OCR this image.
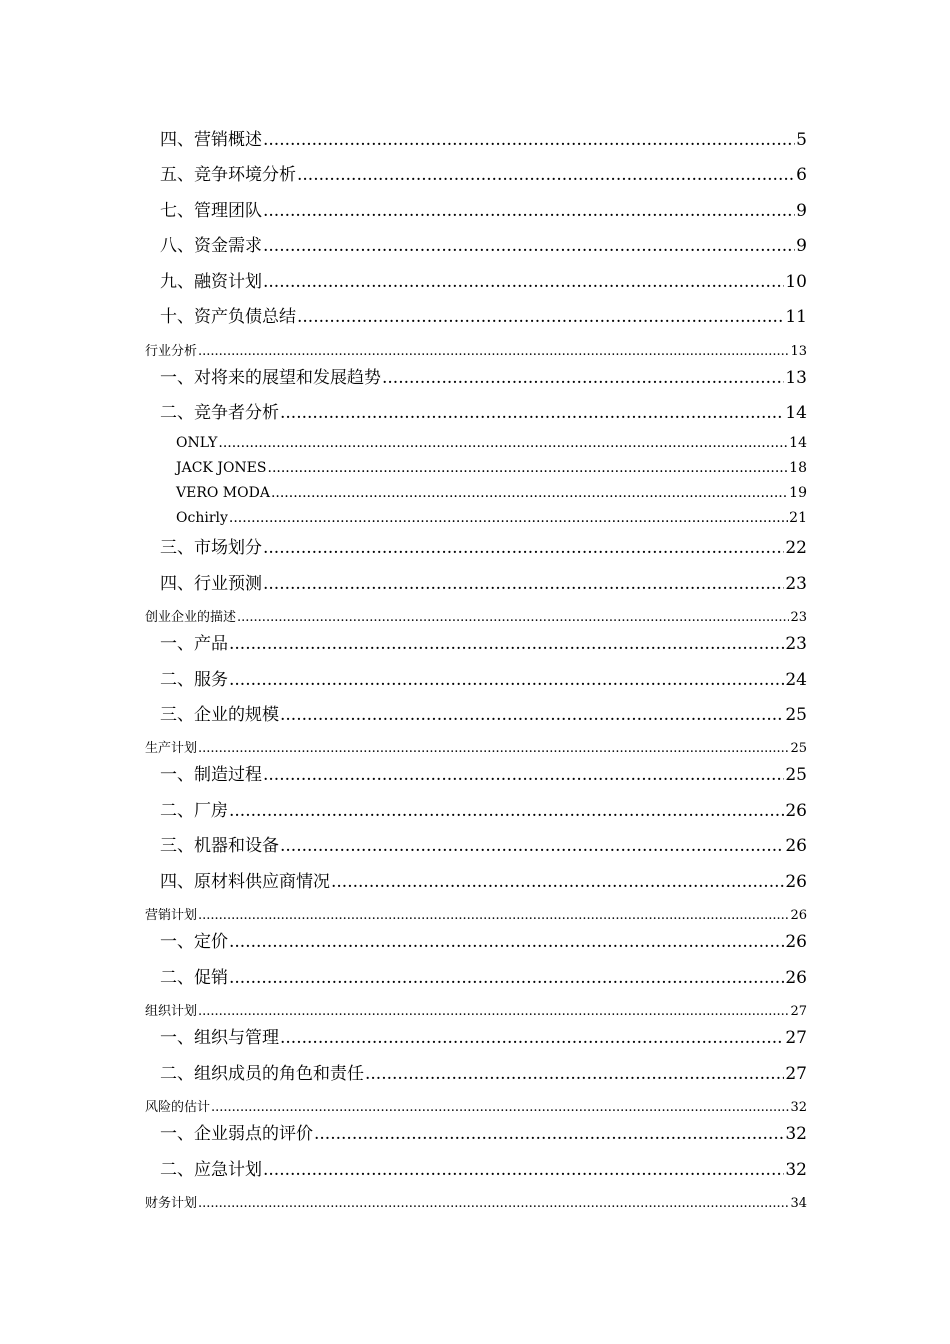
四、营销概述 .....	5
五、竞争环境分析 .....	6
七、管理团队 .....	9
八、资金需求 .....	9
九、融资计划 .....	10
十、资产负债总结 .....	11
行业分析 .....	13
一、对将来的展望和发展趋势 .....	13
二、竞争者分析 .....	14
ONLY .....	14
JACK JONES .....	18
VERO MODA .....	19
Ochirly .....	21
三、市场划分 .....	22
四、行业预测 .....	23
创业企业的描述 .....	23
一、产品 .....	23
二、服务 .....	24
三、企业的规模 .....	25
生产计划 .....	25
一、制造过程 .....	25
二、厂房 .....	26
三、机器和设备 .....	26
四、原材料供应商情况 .....	26
营销计划 .....	26
一、定价 .....	26
二、促销 .....	26
组织计划 .....	27
一、组织与管理 .....	27
二、组织成员的角色和责任 .....	27
风险的估计 .....	32
一、企业弱点的评价 .....	32
二、应急计划 .....	32
财务计划 .....	34
